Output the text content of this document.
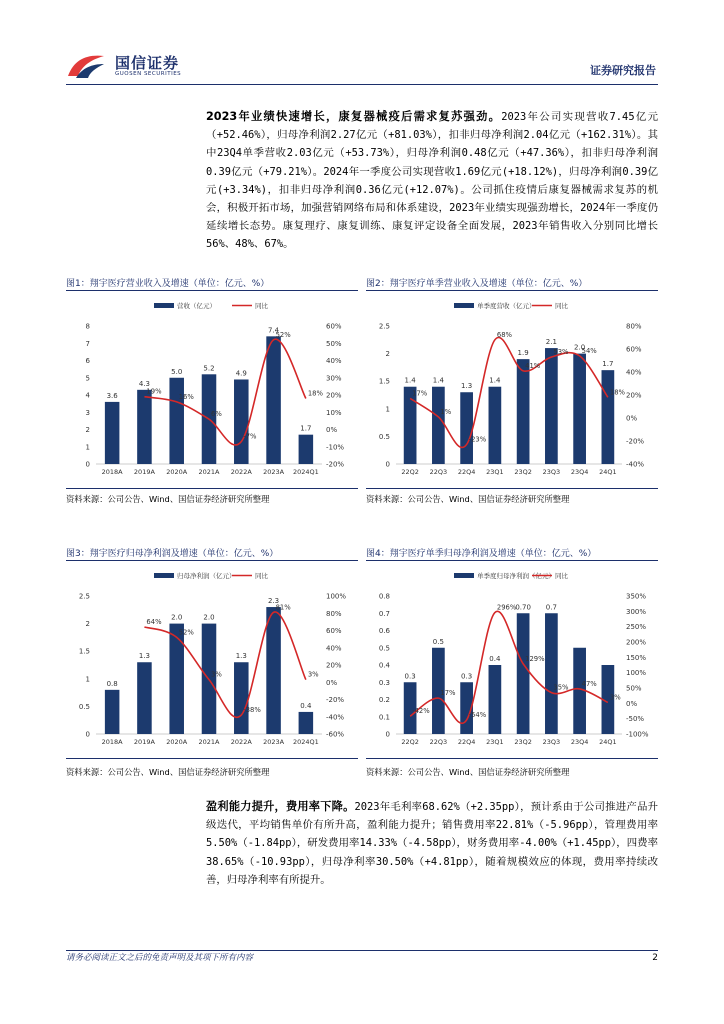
国信证券
GUOSEN SECURITIES	证券研究报告
2023年业绩快速增长，康复器械疫后需求复苏强劲。2023年公司实现营收7.45亿元（+52.46%），归母净利润2.27亿元（+81.03%），扣非归母净利润2.04亿元（+162.31%）。其中23Q4单季营收2.03亿元（+53.73%），归母净利润0.48亿元（+47.36%），扣非归母净利润0.39亿元（+79.21%）。2024年一季度公司实现营收1.69亿元(+18.12%)，归母净利润0.39亿元(+3.34%)，扣非归母净利润0.36亿元(+12.07%)。公司抓住疫情后康复器械需求复苏的机会，积极开拓市场，加强营销网络布局和体系建设，2023年业绩实现强劲增长，2024年一季度仍延续增长态势。康复理疗、康复训练、康复评定设备全面发展，2023年销售收入分别同比增长56%、48%、67%。
图1：翔宇医疗营业收入及增速（单位：亿元、%）	图2：翔宇医疗单季营业收入及增速（单位：亿元、%）
营收（亿元）	同比
0
1
2
3
4
5
6
7
8
-20%
-10%
0%
10%
20%
30%
40%
50%
60%
3.6
4.3
5.0	5.2
4.9
7.4
1.7
2018A 2019A 2020A 2021A 2022A 2023A 2024Q1
19%
16%
6%
-7%
52%
18%
单季度营收（亿元）	同比
0
0.5
1
1.5
2
2.5
-40%
-20%
0%
20%
40%
60%
80%
1.4 1.4
1.3
1.4
1.9
2.1
2.0
1.7
22Q2 22Q3 22Q4 23Q1 23Q2 23Q3 23Q4 24Q1
17%
1%
-23%
68%
41%
53% 54%
18%
资料来源：公司公告、Wind、国信证券经济研究所整理	资料来源：公司公告、Wind、国信证券经济研究所整理
图3：翔宇医疗归母净利润及增速（单位：亿元、%）	图4：翔宇医疗单季归母净利润及增速（单位：亿元、%）
归母净利润（亿元）	同比
0
0.5
1
1.5
2
2.5
-60%
-40%
-20%
0%
20%
40%
60%
80%
100%
0.8
1.3
2.0	2.0
1.3
2.3
0.4
2018A 2019A 2020A 2021A 2022A 2023A 2024Q1
64%
52%
3%
-38%
81%
3%
单季度归母净利润（亿元） 同比
0
0.1
0.2
0.3
0.4
0.5
0.6
0.7
0.8
-100%
-50%
0%
50%
100%
150%
200%
250%
300%
350%
0.3
0.5
0.3
0.4
0.70 0.7
22Q2 22Q3 22Q4 23Q1 23Q2 23Q3 23Q4 24Q1
-42%
17%
-54%
296%
129%
35% 47%
3%
资料来源：公司公告、Wind、国信证券经济研究所整理	资料来源：公司公告、Wind、国信证券经济研究所整理
盈利能力提升，费用率下降。2023年毛利率68.62%（+2.35pp），预计系由于公司推进产品升级迭代，平均销售单价有所升高，盈利能力提升；销售费用率22.81%（-5.96pp），管理费用率5.50%（-1.84pp），研发费用率14.33%（-4.58pp），财务费用率-4.00%（+1.45pp），四费率38.65%（-10.93pp），归母净利率30.50%（+4.81pp），随着规模效应的体现，费用率持续改善，归母净利率有所提升。
请务必阅读正文之后的免责声明及其项下所有内容	2
